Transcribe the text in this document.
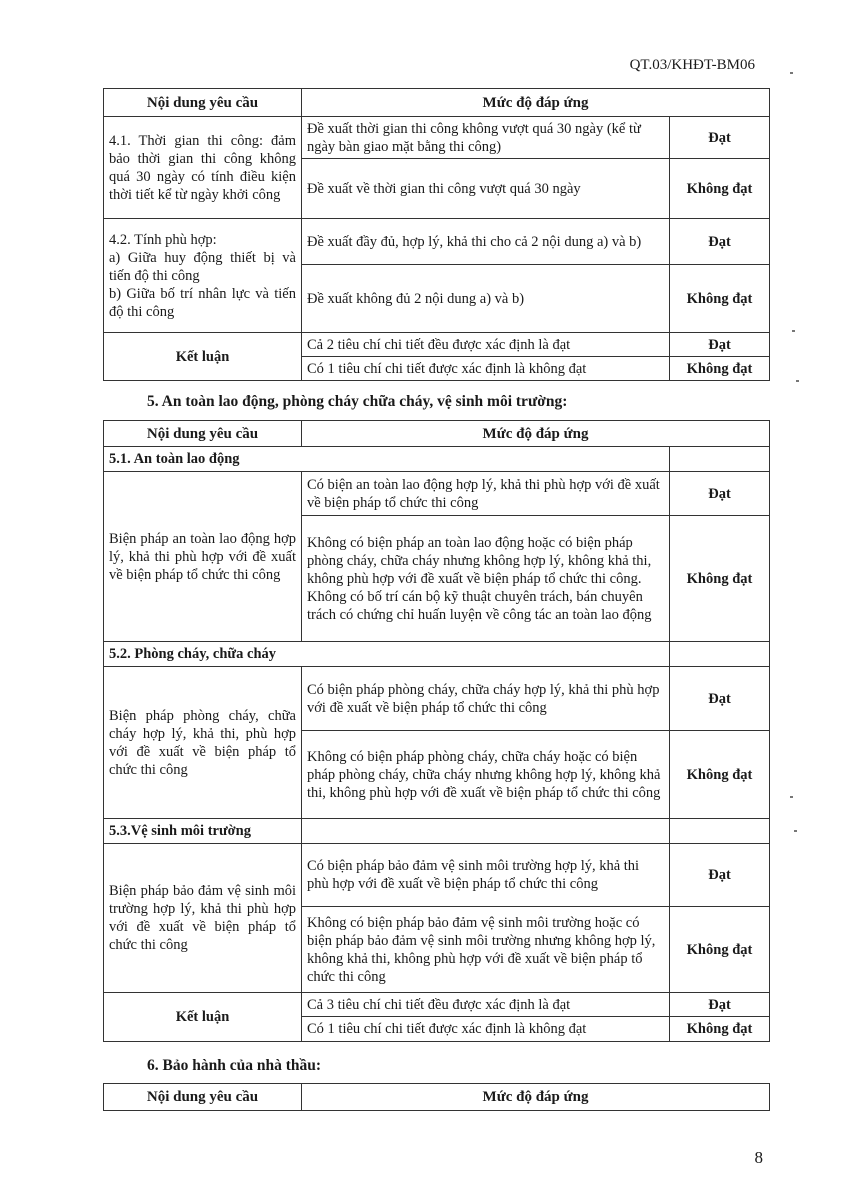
QT.03/KHĐT-BM06
Nội dung yêu cầu	Mức độ đáp ứng	
4.1. Thời gian thi công: đảm bảo thời gian thi công không quá 30 ngày có tính điều kiện thời tiết kể từ ngày khởi công	Đề xuất thời gian thi công không vượt quá 30 ngày (kể từ ngày bàn giao mặt bằng thi công)	Đạt
	Đề xuất về thời gian thi công vượt quá 30 ngày	Không đạt

4.2. Tính phù hợp:
a) Giữa huy động thiết bị và tiến độ thi công
b) Giữa bố trí nhân lực và tiến độ thi công	Đề xuất đầy đủ, hợp lý, khả thi cho cả 2 nội dung a) và b)	Đạt
	Đề xuất không đủ 2 nội dung a) và b)	Không đạt
Kết luận	Cả 2 tiêu chí chi tiết đều được xác định là đạt	Đạt
	Có 1 tiêu chí chi tiết được xác định là không đạt	Không đạt
5. An toàn lao động, phòng cháy chữa cháy, vệ sinh môi trường:
Nội dung yêu cầu	Mức độ đáp ứng	
5.1. An toàn lao động		
Biện pháp an toàn lao động hợp lý, khả thi phù hợp với đề xuất về biện pháp tổ chức thi công	Có biện an toàn lao động hợp lý, khả thi phù hợp với đề xuất về biện pháp tổ chức thi công	Đạt
	Không có biện pháp an toàn lao động hoặc có biện pháp phòng cháy, chữa cháy nhưng không hợp lý, không khả thi, không phù hợp với đề xuất về biện pháp tổ chức thi công. Không có bố trí cán bộ kỹ thuật chuyên trách, bán chuyên trách có chứng chỉ huấn luyện về công tác an toàn lao động	Không đạt
5.2. Phòng cháy, chữa cháy		
Biện pháp phòng cháy, chữa cháy hợp lý, khả thi, phù hợp với đề xuất về biện pháp tổ chức thi công	Có biện pháp phòng cháy, chữa cháy hợp lý, khả thi phù hợp với đề xuất về biện pháp tổ chức thi công	Đạt
	Không có biện pháp phòng cháy, chữa cháy hoặc có biện pháp phòng cháy, chữa cháy nhưng không hợp lý, không khả thi, không phù hợp với đề xuất về biện pháp tổ chức thi công	Không đạt
5.3.Vệ sinh môi trường		
Biện pháp bảo đảm vệ sinh môi trường hợp lý, khả thi phù hợp với đề xuất về biện pháp tổ chức thi công	Có biện pháp bảo đảm vệ sinh môi trường hợp lý, khả thi phù hợp với đề xuất về biện pháp tổ chức thi công	Đạt
	Không có biện pháp bảo đảm vệ sinh môi trường hoặc có biện pháp bảo đảm vệ sinh môi trường nhưng không hợp lý, không khả thi, không phù hợp với đề xuất về biện pháp tổ chức thi công	Không đạt
Kết luận	Cả 3 tiêu chí chi tiết đều được xác định là đạt	Đạt
	Có 1 tiêu chí chi tiết được xác định là không đạt	Không đạt
6. Bảo hành của nhà thầu:
Nội dung yêu cầu	Mức độ đáp ứng
8
